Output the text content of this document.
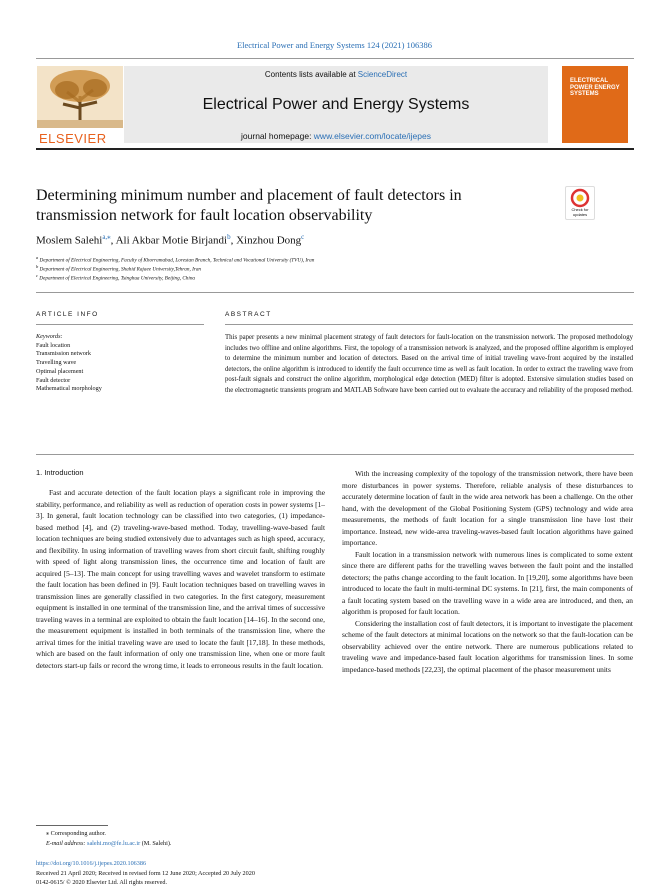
Electrical Power and Energy Systems 124 (2021) 106386
ELSEVIER
Contents lists available at ScienceDirect
Electrical Power and Energy Systems
journal homepage: www.elsevier.com/locate/ijepes
ELECTRICAL POWER ENERGY SYSTEMS
Determining minimum number and placement of fault detectors in
transmission network for fault location observability	Check for updates
Moslem Salehi$^{a,⁎}$, Ali Akbar Motie Birjandi$^b$, Xinzhou Dong$^c$
$^a$ Department of Electrical Engineering, Faculty of Khorramabad, Lorestan Branch, Technical and Vocational University (TVU), Iran
$^b$ Department of Electrical Engineering, Shahid Rajaee University,Tehran, Iran
$^c$ Department of Electrical Engineering, Tsinghua University, Beijing, China
ARTICLE INFO	ABSTRACT
Keywords:
Fault location
Transmission network
Travelling wave
Optimal placement
Fault detector
Mathematical morphology
This paper presents a new minimal placement strategy of fault detectors for fault-location on the transmission network. The proposed methodology includes two offline and online algorithms. First, the topology of a transmission network is analyzed, and the proposed offline algorithm is employed to determine the minimum number and location of detectors. Based on the arrival time of initial traveling wave-front acquired by the installed detectors, the online algorithm is introduced to identify the fault occurrence time as well as fault location. In order to extract the traveling wave from post-fault signals and construct the online algorithm, morphological edge detection (MED) filter is adopted. Extensive simulation studies based on the electromagnetic transients program and MATLAB Software have been carried out to evaluate the accuracy and reliability of the proposed method.
1. Introduction

Fast and accurate detection of the fault location plays a significant role in improving the stability, performance, and reliability as well as reduction of operation costs in power systems [1–3]. In general, fault location technology can be classified into two categories, (1) impedance-based method [4], and (2) traveling-wave-based method. Today, travelling-wave-based fault location techniques are being studied extensively due to advantages such as high speed, accuracy, and flexibility. In using information of travelling waves from short circuit fault, shifting roughly with speed of light along transmission lines, the occurrence time and location of fault are acquired [5–13]. The main concept for using travelling waves and wavelet transform to estimate the fault location has been defined in [9]. Fault location techniques based on travelling waves in transmission lines are generally classified in two categories. In the first category, measurement equipment is installed in one terminal of the transmission line, and the arrival times of successive traveling waves in a terminal are exploited to obtain the fault location [14–16]. In the second one, the measurement equipment is installed in both terminals of the transmission line, where the arrival times for the initial traveling wave are used to locate the fault [17,18]. In these methods, which are based on the fault information of only one transmission line, when one or more fault detectors start-up fails or record the wrong time, it leads to erroneous results in the fault location.

With the increasing complexity of the topology of the transmission network, there have been more disturbances in power systems. Therefore, reliable analysis of these disturbances to accurately determine location of fault in the wide area network has been a challenge. On the other hand, with the development of the Global Positioning System (GPS) technology and wide area measurements, the methods of fault location for a single transmission line have lost their importance. Instead, new wide-area traveling-waves-based fault location algorithms have gained importance.

Fault location in a transmission network with numerous lines is complicated to some extent since there are different paths for the travelling waves between the fault point and the installed detectors; the paths change according to the fault location. In [19,20], some algorithms have been introduced to locate the fault in multi-terminal DC systems. In [21], first, the main components of a fault locating system based on the travelling wave in a wide area are introduced, and then, an algorithm is proposed for fault location.

Considering the installation cost of fault detectors, it is important to investigate the placement scheme of the fault detectors at minimal locations on the network so that the fault-location can be observability achieved over the entire network. There are numerous publications related to traveling wave and impedance-based fault location algorithms for transmission lines. In some impedance-based methods [22,23], the optimal placement of the phasor measurement units

⁎ Corresponding author.
E-mail address: salehi.mo@fe.lu.ac.ir (M. Salehi).
https://doi.org/10.1016/j.ijepes.2020.106386
Received 21 April 2020; Received in revised form 12 June 2020; Accepted 20 July 2020
0142-0615/ © 2020 Elsevier Ltd. All rights reserved.
